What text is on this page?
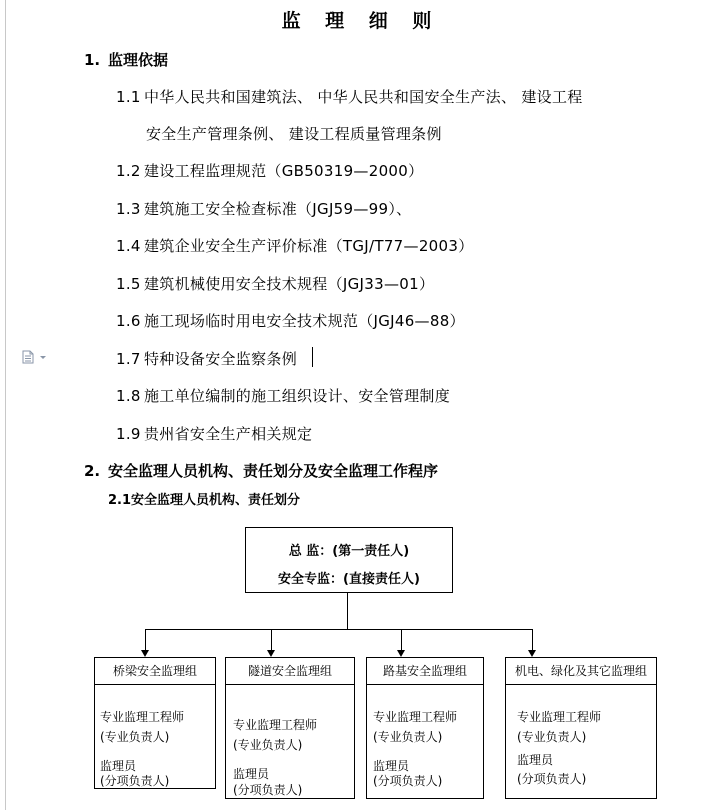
监 理 细 则
1. 监理依据
1.1 中华人民共和国建筑法、 中华人民共和国安全生产法、 建设工程
安全生产管理条例、 建设工程质量管理条例
1.2 建设工程监理规范（GB50319—2000）
1.3 建筑施工安全检查标准（JGJ59—99）、
1.4 建筑企业安全生产评价标准（TGJ/T77—2003）
1.5 建筑机械使用安全技术规程（JGJ33—01）
1.6 施工现场临时用电安全技术规范（JGJ46—88）
1.7 特种设备安全监察条例
1.8 施工单位编制的施工组织设计、安全管理制度
1.9 贵州省安全生产相关规定
2. 安全监理人员机构、责任划分及安全监理工作程序
2.1安全监理人员机构、责任划分
总 监：(第一责任人)
安全专监：(直接责任人)
桥梁安全监理组
专业监理工程师
(专业负责人)
监理员
(分项负责人)
隧道安全监理组
专业监理工程师
(专业负责人)
监理员
(分项负责人)
路基安全监理组
专业监理工程师
(专业负责人)
监理员
(分项负责人)
机电、绿化及其它监理组
专业监理工程师
(专业负责人)
监理员
(分项负责人)
